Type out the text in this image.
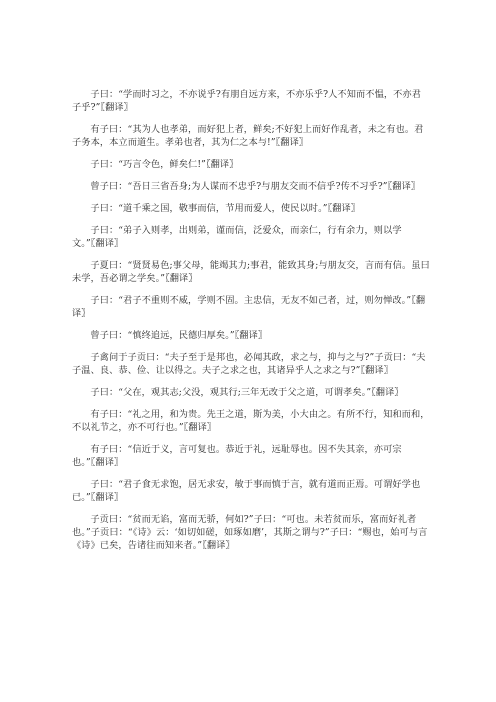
子曰：“学而时习之，不亦说乎?有朋自远方来，不亦乐乎?人不知而不愠，不亦君子乎?”〖翻译〗

有子曰：“其为人也孝弟，而好犯上者，鲜矣;不好犯上而好作乱者，未之有也。君子务本，本立而道生。孝弟也者，其为仁之本与!”〖翻译〗

子曰：“巧言令色，鲜矣仁!”〖翻译〗

曾子曰：“吾日三省吾身;为人谋而不忠乎?与朋友交而不信乎?传不习乎?”〖翻译〗

子曰：“道千乘之国，敬事而信，节用而爱人，使民以时。”〖翻译〗

子曰：“弟子入则孝，出则弟，谨而信，泛爱众，而亲仁，行有余力，则以学文。”〖翻译〗

子夏曰：“贤贤易色;事父母，能竭其力;事君，能致其身;与朋友交，言而有信。虽曰未学，吾必谓之学矣。”〖翻译〗

子曰：“君子不重则不威，学则不固。主忠信，无友不如己者，过，则勿惮改。”〖翻译〗

曾子曰：“慎终追远，民德归厚矣。”〖翻译〗

子禽问于子贡曰：“夫子至于是邦也，必闻其政，求之与，抑与之与?”子贡曰：“夫子温、良、恭、俭、让以得之。夫子之求之也，其诸异乎人之求之与?”〖翻译〗

子曰：“父在，观其志;父没，观其行;三年无改于父之道，可谓孝矣。”〖翻译〗

有子曰：“礼之用，和为贵。先王之道，斯为美，小大由之。有所不行，知和而和，不以礼节之，亦不可行也。”〖翻译〗

有子曰：“信近于义，言可复也。恭近于礼，远耻辱也。因不失其亲，亦可宗也。”〖翻译〗

子曰：“君子食无求饱，居无求安，敏于事而慎于言，就有道而正焉。可谓好学也已。”〖翻译〗

子贡曰：“贫而无谄，富而无骄，何如?”子曰：“可也。未若贫而乐，富而好礼者也。”子贡曰：“《诗》云：‘如切如磋，如琢如磨’，其斯之谓与?”子曰：“赐也，始可与言《诗》已矣，告诸往而知来者。”〖翻译〗
